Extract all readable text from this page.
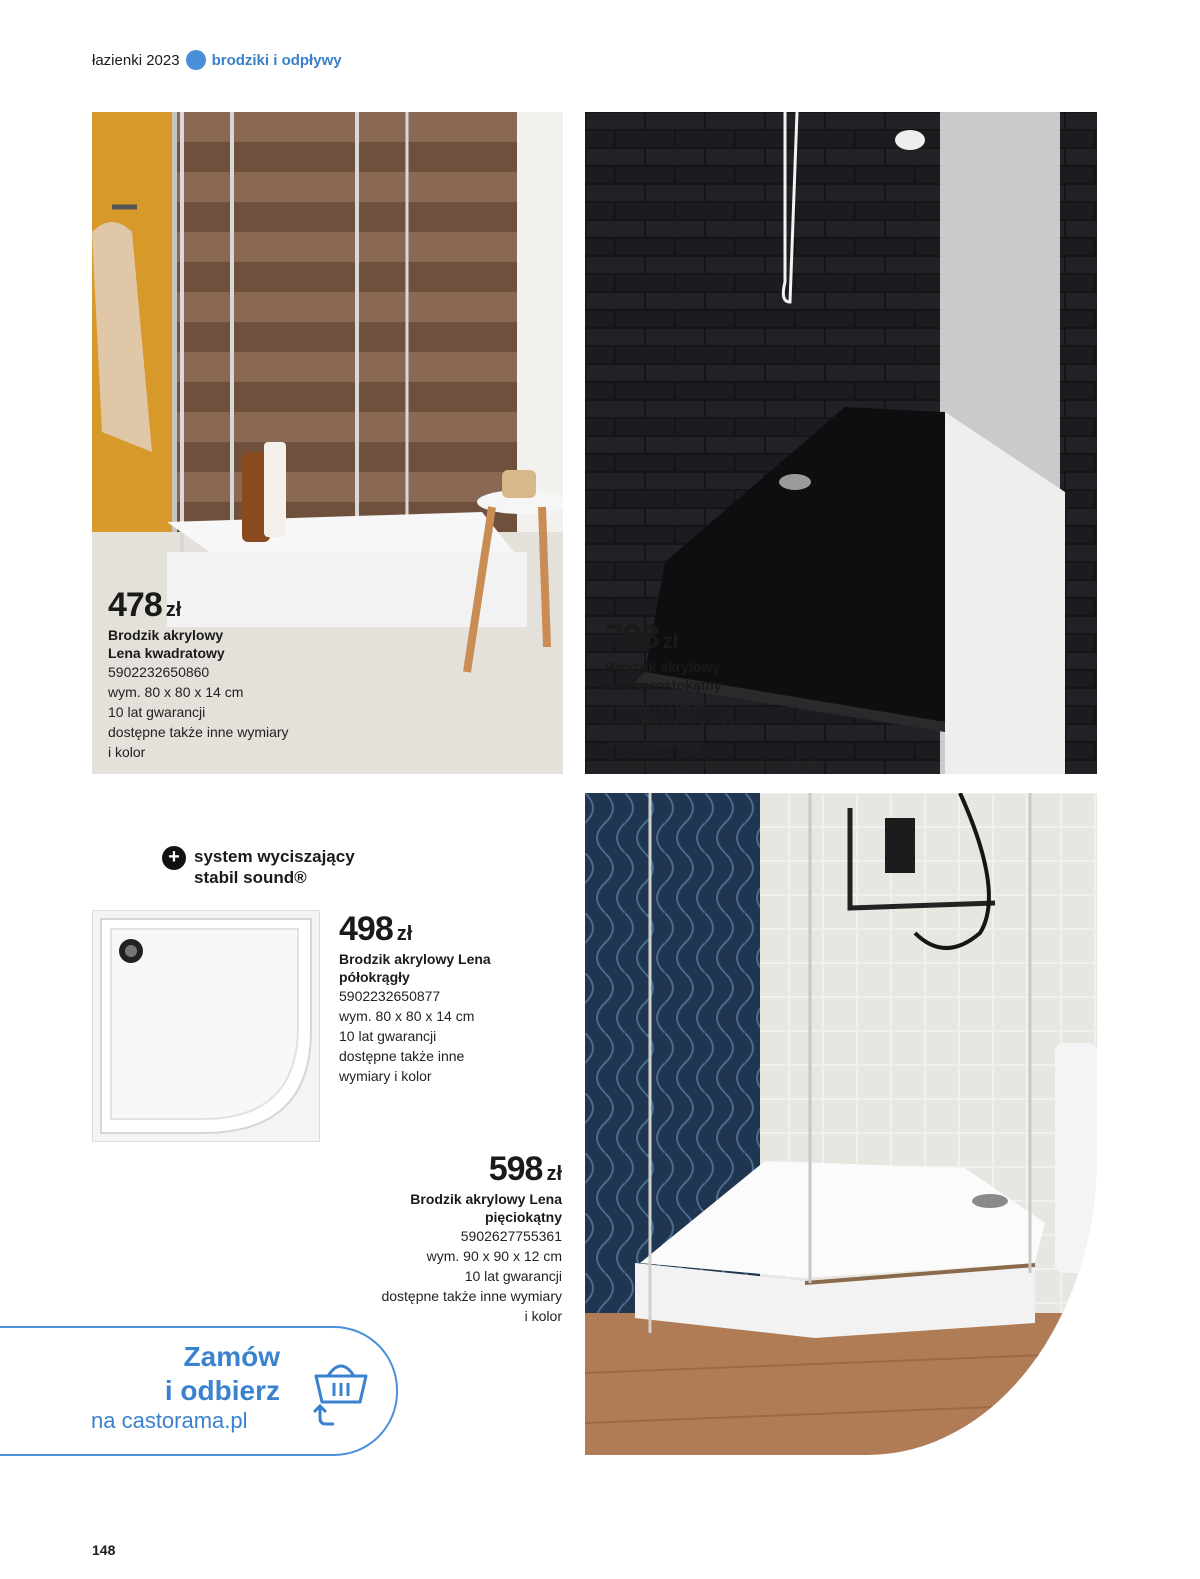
łazienki 2023 brodziki i odpływy
478 zł
Brodzik akrylowy
Lena kwadratowy
5902232650860
wym. 80 x 80 x 14 cm
10 lat gwarancji
dostępne także inne wymiary
i kolor
798 zł
Brodzik akrylowy
Lena prostokątny
5902627770494
wym. 90 x 120 x 12 cm
10 lat gwarancji
dostępne także inne wymiary i kolor
+ system wyciszający
stabil sound®
498 zł
Brodzik akrylowy Lena
półokrągły
5902232650877
wym. 80 x 80 x 14 cm
10 lat gwarancji
dostępne także inne
wymiary i kolor
598 zł
Brodzik akrylowy Lena
pięciokątny
5902627755361
wym. 90 x 90 x 12 cm
10 lat gwarancji
dostępne także inne wymiary
i kolor
Zamów
i odbierz
na castorama.pl
148
